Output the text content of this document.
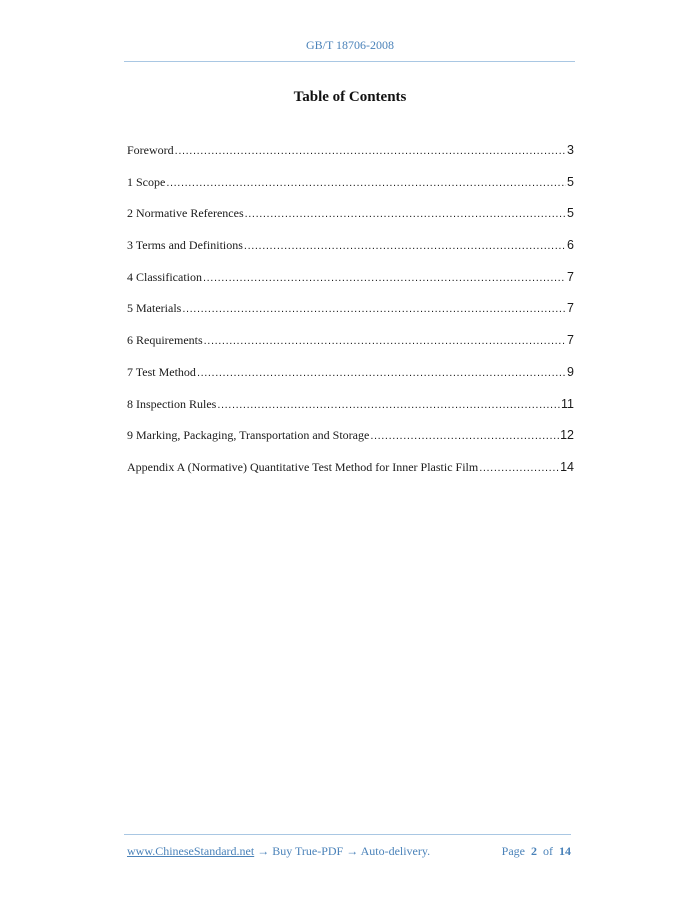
GB/T 18706-2008
Table of Contents
Foreword .....	3
1 Scope .....	5
2 Normative References .....	5
3 Terms and Definitions .....	6
4 Classification .....	7
5 Materials .....	7
6 Requirements .....	7
7 Test Method .....	9
8 Inspection Rules .....	11
9 Marking, Packaging, Transportation and Storage .....	12
Appendix A (Normative) Quantitative Test Method for Inner Plastic Film .....	14
www.ChineseStandard.net → Buy True-PDF → Auto-delivery.	Page 2 of 14
